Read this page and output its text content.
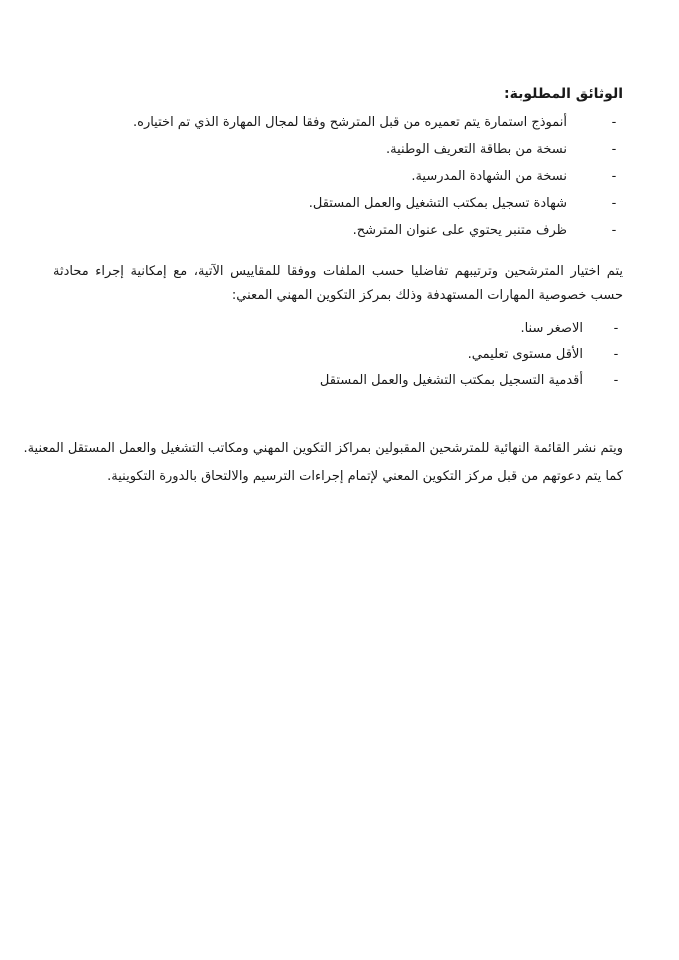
الوثائق المطلوبة:

-
أنموذج استمارة يتم تعميره من قبل المترشح وفقا لمجال المهارة الذي تم اختياره.
-
نسخة من بطاقة التعريف الوطنية.
-
نسخة من الشهادة المدرسية.
-
شهادة تسجيل بمكتب التشغيل والعمل المستقل.
-
ظرف متنبر يحتوي على عنوان المترشح.

يتم اختيار المترشحين وترتيبهم تفاضليا حسب الملفات ووفقا للمقاييس الآتية، مع إمكانية إجراء محادثة حسب خصوصية المهارات المستهدفة وذلك بمركز التكوين المهني المعني:

-
الاصغر سنا.
-
الأقل مستوى تعليمي.
-
أقدمية التسجيل بمكتب التشغيل والعمل المستقل

ويتم نشر القائمة النهائية للمترشحين المقبولين بمراكز التكوين المهني ومكاتب التشغيل والعمل المستقل المعنية.
كما يتم دعوتهم من قبل مركز التكوين المعني لإتمام إجراءات الترسيم والالتحاق بالدورة التكوينية.
